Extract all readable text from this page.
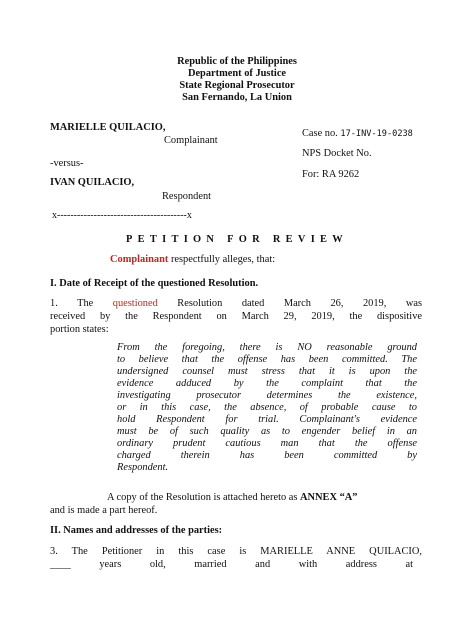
Republic of the Philippines
Department of Justice
State Regional Prosecutor
San Fernando, La Union
MARIELLE QUILACIO,
Complainant
-versus-
IVAN QUILACIO,
Respondent
x---------------------------------------x
Case no. 17-INV-19-0238
NPS Docket No.
For: RA 9262
PETITION FOR REVIEW
Complainant respectfully alleges, that:
I. Date of Receipt of the questioned Resolution.
1. The questioned Resolution dated March 26, 2019, was
received by the Respondent on March 29, 2019, the dispositive
portion states:
From the foregoing, there is NO reasonable ground
to believe that the offense has been committed. The
undersigned counsel must stress that it is upon the
evidence adduced by the complaint that the
investigating prosecutor determines the existence,
or in this case, the absence, of probable cause to
hold Respondent for trial. Complainant's evidence
must be of such quality as to engender belief in an
ordinary prudent cautious man that the offense
charged therein has been committed by
Respondent.
A copy of the Resolution is attached hereto as ANNEX “A”
and is made a part hereof.
II. Names and addresses of the parties:
3. The Petitioner in this case is MARIELLE ANNE QUILACIO,
____ years old, married and with address at
